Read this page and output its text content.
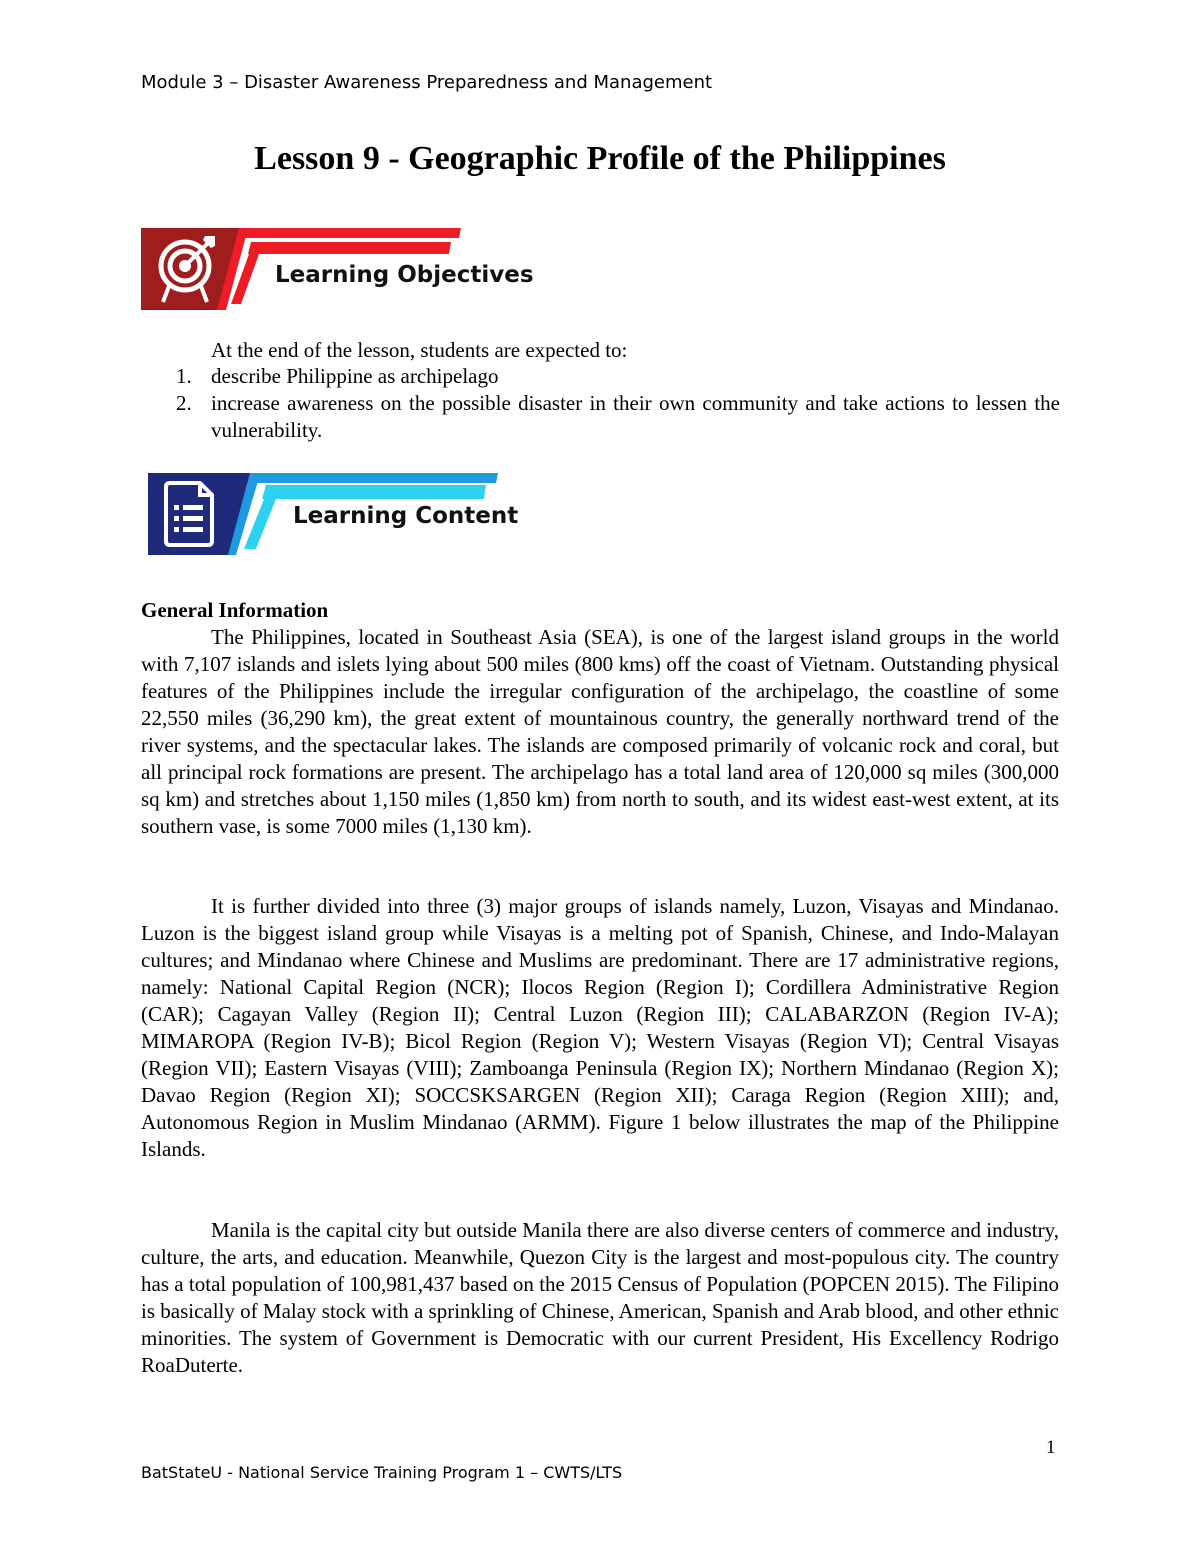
Module 3 – Disaster Awareness Preparedness and Management
Lesson 9 - Geographic Profile of the Philippines
Learning Objectives
At the end of the lesson, students are expected to:
1. describe Philippine as archipelago
2. increase awareness on the possible disaster in their own community and take actions to lessen the vulnerability.
Learning Content
General Information

The Philippines, located in Southeast Asia (SEA), is one of the largest island groups in the world with 7,107 islands and islets lying about 500 miles (800 kms) off the coast of Vietnam. Outstanding physical features of the Philippines include the irregular configuration of the archipelago, the coastline of some 22,550 miles (36,290 km), the great extent of mountainous country, the generally northward trend of the river systems, and the spectacular lakes. The islands are composed primarily of volcanic rock and coral, but all principal rock formations are present. The archipelago has a total land area of 120,000 sq miles (300,000 sq km) and stretches about 1,150 miles (1,850 km) from north to south, and its widest east-west extent, at its southern vase, is some 7000 miles (1,130 km).

It is further divided into three (3) major groups of islands namely, Luzon, Visayas and Mindanao. Luzon is the biggest island group while Visayas is a melting pot of Spanish, Chinese, and Indo-Malayan cultures; and Mindanao where Chinese and Muslims are predominant. There are 17 administrative regions, namely: National Capital Region (NCR); Ilocos Region (Region I); Cordillera Administrative Region (CAR); Cagayan Valley (Region II); Central Luzon (Region III); CALABARZON (Region IV-A); MIMAROPA (Region IV-B); Bicol Region (Region V); Western Visayas (Region VI); Central Visayas (Region VII); Eastern Visayas (VIII); Zamboanga Peninsula (Region IX); Northern Mindanao (Region X); Davao Region (Region XI); SOCCSKSARGEN (Region XII); Caraga Region (Region XIII); and, Autonomous Region in Muslim Mindanao (ARMM). Figure 1 below illustrates the map of the Philippine Islands.

Manila is the capital city but outside Manila there are also diverse centers of commerce and industry, culture, the arts, and education. Meanwhile, Quezon City is the largest and most-populous city. The country has a total population of 100,981,437 based on the 2015 Census of Population (POPCEN 2015). The Filipino is basically of Malay stock with a sprinkling of Chinese, American, Spanish and Arab blood, and other ethnic minorities. The system of Government is Democratic with our current President, His Excellency Rodrigo RoaDuterte.

1
BatStateU - National Service Training Program 1 – CWTS/LTS
